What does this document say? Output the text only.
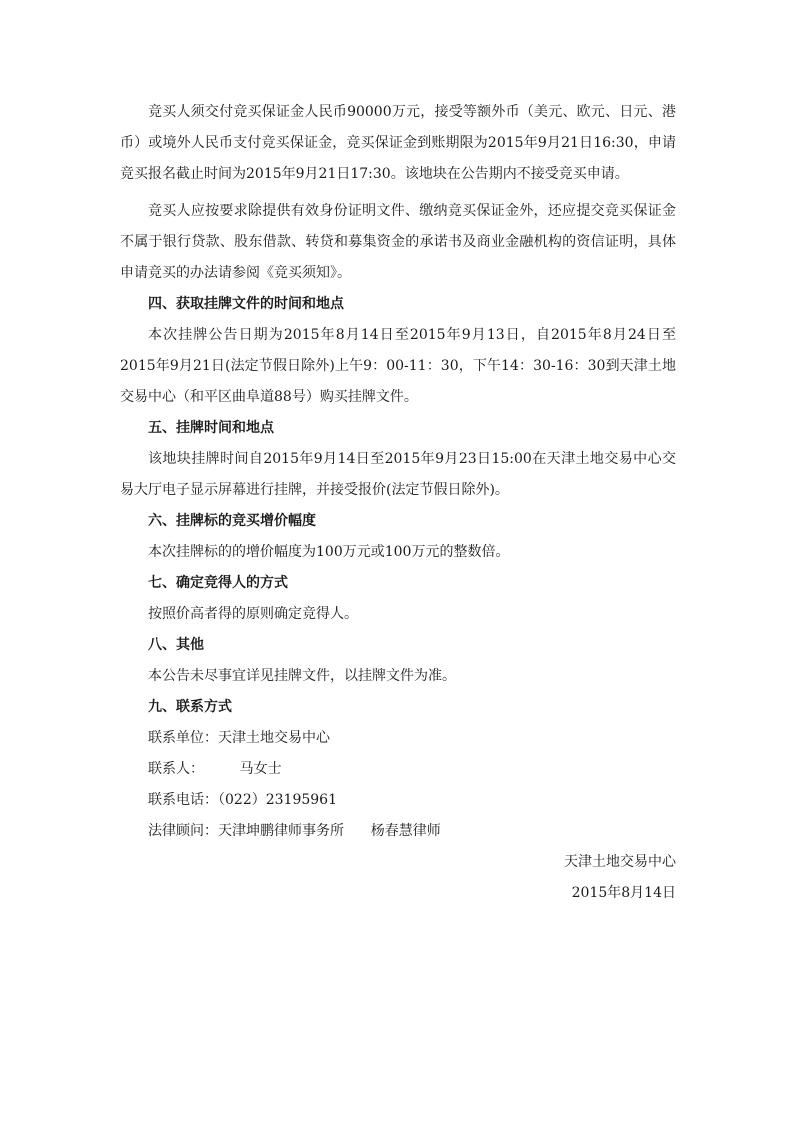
竞买人须交付竞买保证金人民币90000万元，接受等额外币（美元、欧元、日元、港币）或境外人民币支付竞买保证金，竞买保证金到账期限为2015年9月21日16:30，申请竞买报名截止时间为2015年9月21日17:30。该地块在公告期内不接受竞买申请。

竞买人应按要求除提供有效身份证明文件、缴纳竞买保证金外，还应提交竞买保证金不属于银行贷款、股东借款、转贷和募集资金的承诺书及商业金融机构的资信证明，具体申请竞买的办法请参阅《竞买须知》。

四、获取挂牌文件的时间和地点

本次挂牌公告日期为2015年8月14日至2015年9月13日，自2015年8月24日至2015年9月21日(法定节假日除外)上午9：00-11：30，下午14：30-16：30到天津土地交易中心（和平区曲阜道88号）购买挂牌文件。

五、挂牌时间和地点

该地块挂牌时间自2015年9月14日至2015年9月23日15:00在天津土地交易中心交易大厅电子显示屏幕进行挂牌，并接受报价(法定节假日除外)。

六、挂牌标的竞买增价幅度

本次挂牌标的的增价幅度为100万元或100万元的整数倍。

七、确定竞得人的方式

按照价高者得的原则确定竞得人。

八、其他

本公告未尽事宜详见挂牌文件，以挂牌文件为准。

九、联系方式

联系单位：天津土地交易中心

联系人：        马女士

联系电话：（022）23195961

法律顾问：天津坤鹏律师事务所      杨春慧律师

天津土地交易中心

2015年8月14日
